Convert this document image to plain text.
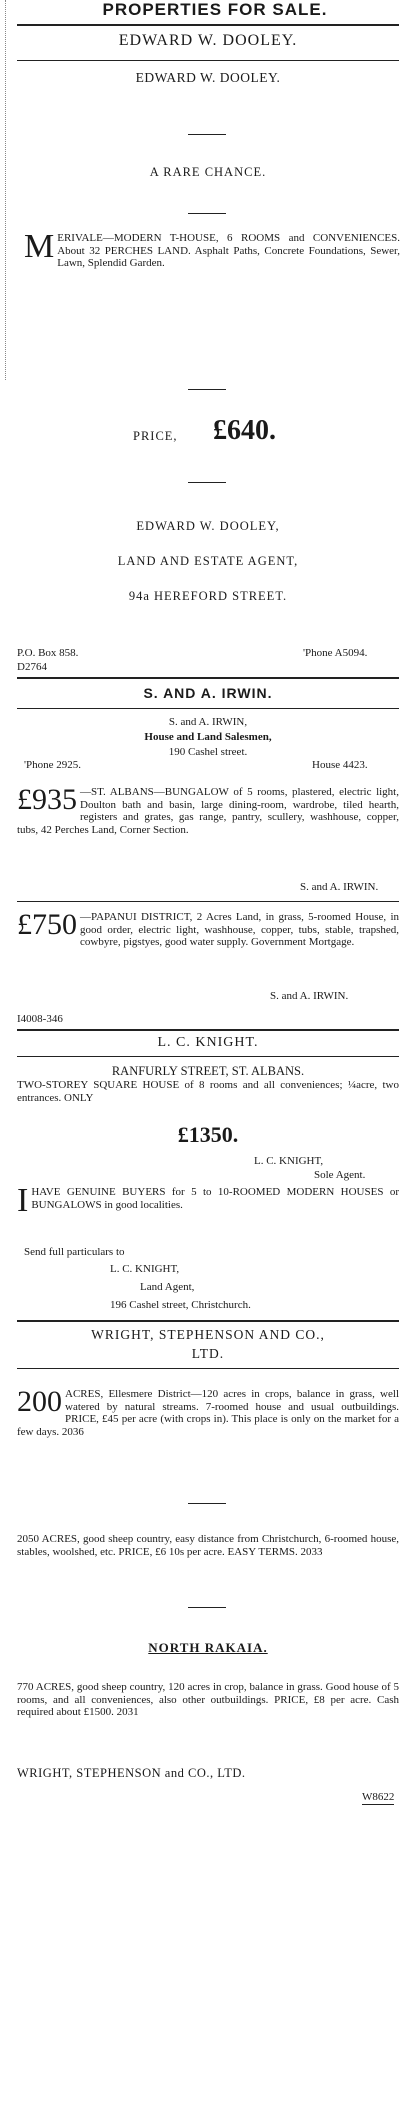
PROPERTIES FOR SALE.
EDWARD W. DOOLEY.
EDWARD W. DOOLEY.
A RARE CHANCE.
M ERIVALE—MODERN T-HOUSE, 6 ROOMS and CONVENIENCES. About 32 PERCHES LAND. Asphalt Paths, Concrete Foundations, Sewer, Lawn, Splendid Garden.
PRICE, £640.
EDWARD W. DOOLEY,
LAND AND ESTATE AGENT,
94a HEREFORD STREET.
P.O. Box 858.	'Phone A5094.
D2764
S. AND A. IRWIN.
S. and A. IRWIN,
House and Land Salesmen,
190 Cashel street.
'Phone 2925.	House 4423.
£935 —ST. ALBANS—BUNGALOW of 5 rooms, plastered, electric light, Doulton bath and basin, large dining-room, wardrobe, tiled hearth, registers and grates, gas range, pantry, scullery, washhouse, copper, tubs, 42 Perches Land, Corner Section.
S. and A. IRWIN.
£750 —PAPANUI DISTRICT, 2 Acres Land, in grass, 5-roomed House, in good order, electric light, washhouse, copper, tubs, stable, trapshed, cowbyre, pigstyes, good water supply. Government Mortgage.
S. and A. IRWIN.
I4008-346
L. C. KNIGHT.
RANFURLY STREET, ST. ALBANS.
TWO-STOREY SQUARE HOUSE of 8 rooms and all conveniences; ¼acre, two entrances. ONLY
£1350.
L. C. KNIGHT,
Sole Agent.
I HAVE GENUINE BUYERS for 5 to 10-ROOMED MODERN HOUSES or BUNGALOWS in good localities.
Send full particulars to
L. C. KNIGHT,
Land Agent,
196 Cashel street, Christchurch.
WRIGHT, STEPHENSON AND CO.,
LTD.
200 ACRES, Ellesmere District—120 acres in crops, balance in grass, well watered by natural streams. 7-roomed house and usual outbuildings. PRICE, £45 per acre (with crops in). This place is only on the market for a few days. 2036
2050 ACRES, good sheep country, easy distance from Christchurch, 6-roomed house, stables, woolshed, etc. PRICE, £6 10s per acre. EASY TERMS. 2033
NORTH RAKAIA.
770 ACRES, good sheep country, 120 acres in crop, balance in grass. Good house of 5 rooms, and all conveniences, also other outbuildings. PRICE, £8 per acre. Cash required about £1500. 2031
WRIGHT, STEPHENSON and CO., LTD.
W8622
